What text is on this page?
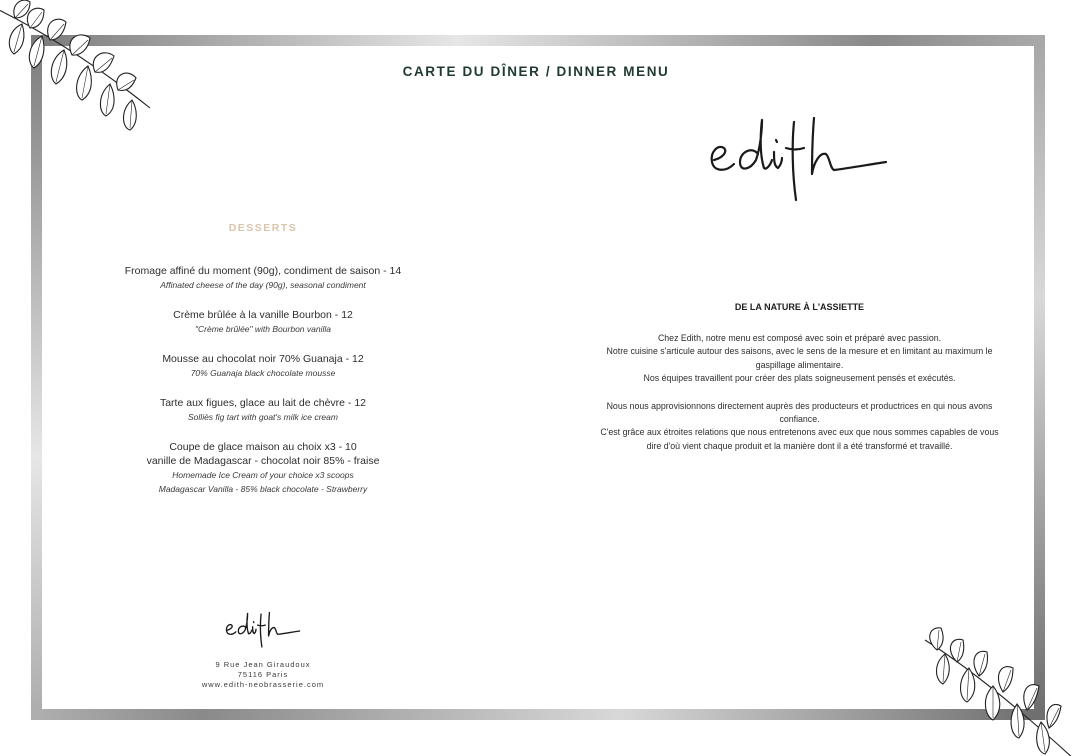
CARTE DU DÎNER / DINNER MENU
DESSERTS
Fromage affiné du moment (90g), condiment de saison - 14
Affinated cheese of the day (90g), seasonal condiment
Crème brûlée à la vanille Bourbon - 12
"Crème brûlée" with Bourbon vanilla
Mousse au chocolat noir 70% Guanaja - 12
70% Guanaja black chocolate mousse
Tarte aux figues, glace au lait de chèvre - 12
Solliès fig tart with goat's milk ice cream
Coupe de glace maison au choix x3 - 10
vanille de Madagascar - chocolat noir 85% - fraise
Homemade Ice Cream of your choice x3 scoops
Madagascar Vanilla - 85% black chocolate - Strawberry
DE LA NATURE À L'ASSIETTE
Chez Edith, notre menu est composé avec soin et préparé avec passion.
Notre cuisine s'articule autour des saisons, avec le sens de la mesure et en limitant au maximum le
gaspillage alimentaire.
Nos équipes travaillent pour créer des plats soigneusement pensés et exécutés.
Nous nous approvisionnons directement auprès des producteurs et productrices en qui nous avons
confiance.
C'est grâce aux étroites relations que nous entretenons avec eux que nous sommes capables de vous
dire d'où vient chaque produit et la manière dont il a été transformé et travaillé.
9 Rue Jean Giraudoux
75116 Paris
www.edith-neobrasserie.com
